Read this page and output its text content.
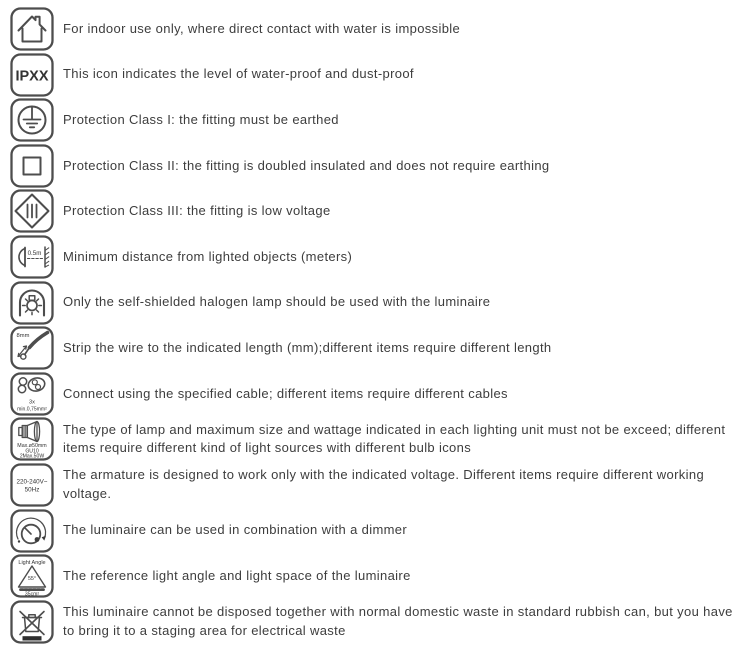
For indoor use only, where direct contact with water is impossible
IPXX This icon indicates the level of water-proof and dust-proof
Protection Class I: the fitting must be earthed
Protection Class II: the fitting is doubled insulated and does not require earthing
Protection Class III: the fitting is low voltage
0.5m Minimum distance from lighted objects (meters)
Only the self-shielded halogen lamp should be used with the luminaire
8mm
Strip the wire to the indicated length (mm);different items require different length
3x
min.0,75mm²
Connect using the specified cable; different items require different cables
Max.ø50mm
GU10
2Max.50W
The type of lamp and maximum size and wattage indicated in each lighting unit must not be exceed; different items require different kind of light sources with different bulb icons
220-240V~
50Hz
The armature is designed to work only with the indicated voltage. Different items require different working voltage.
The luminaire can be used in combination with a dimmer
Light Angle
55°
35cm²
The reference light angle and light space of the luminaire
This luminaire cannot be disposed together with normal domestic waste in standard rubbish can, but you have to bring it to a staging area for electrical waste
